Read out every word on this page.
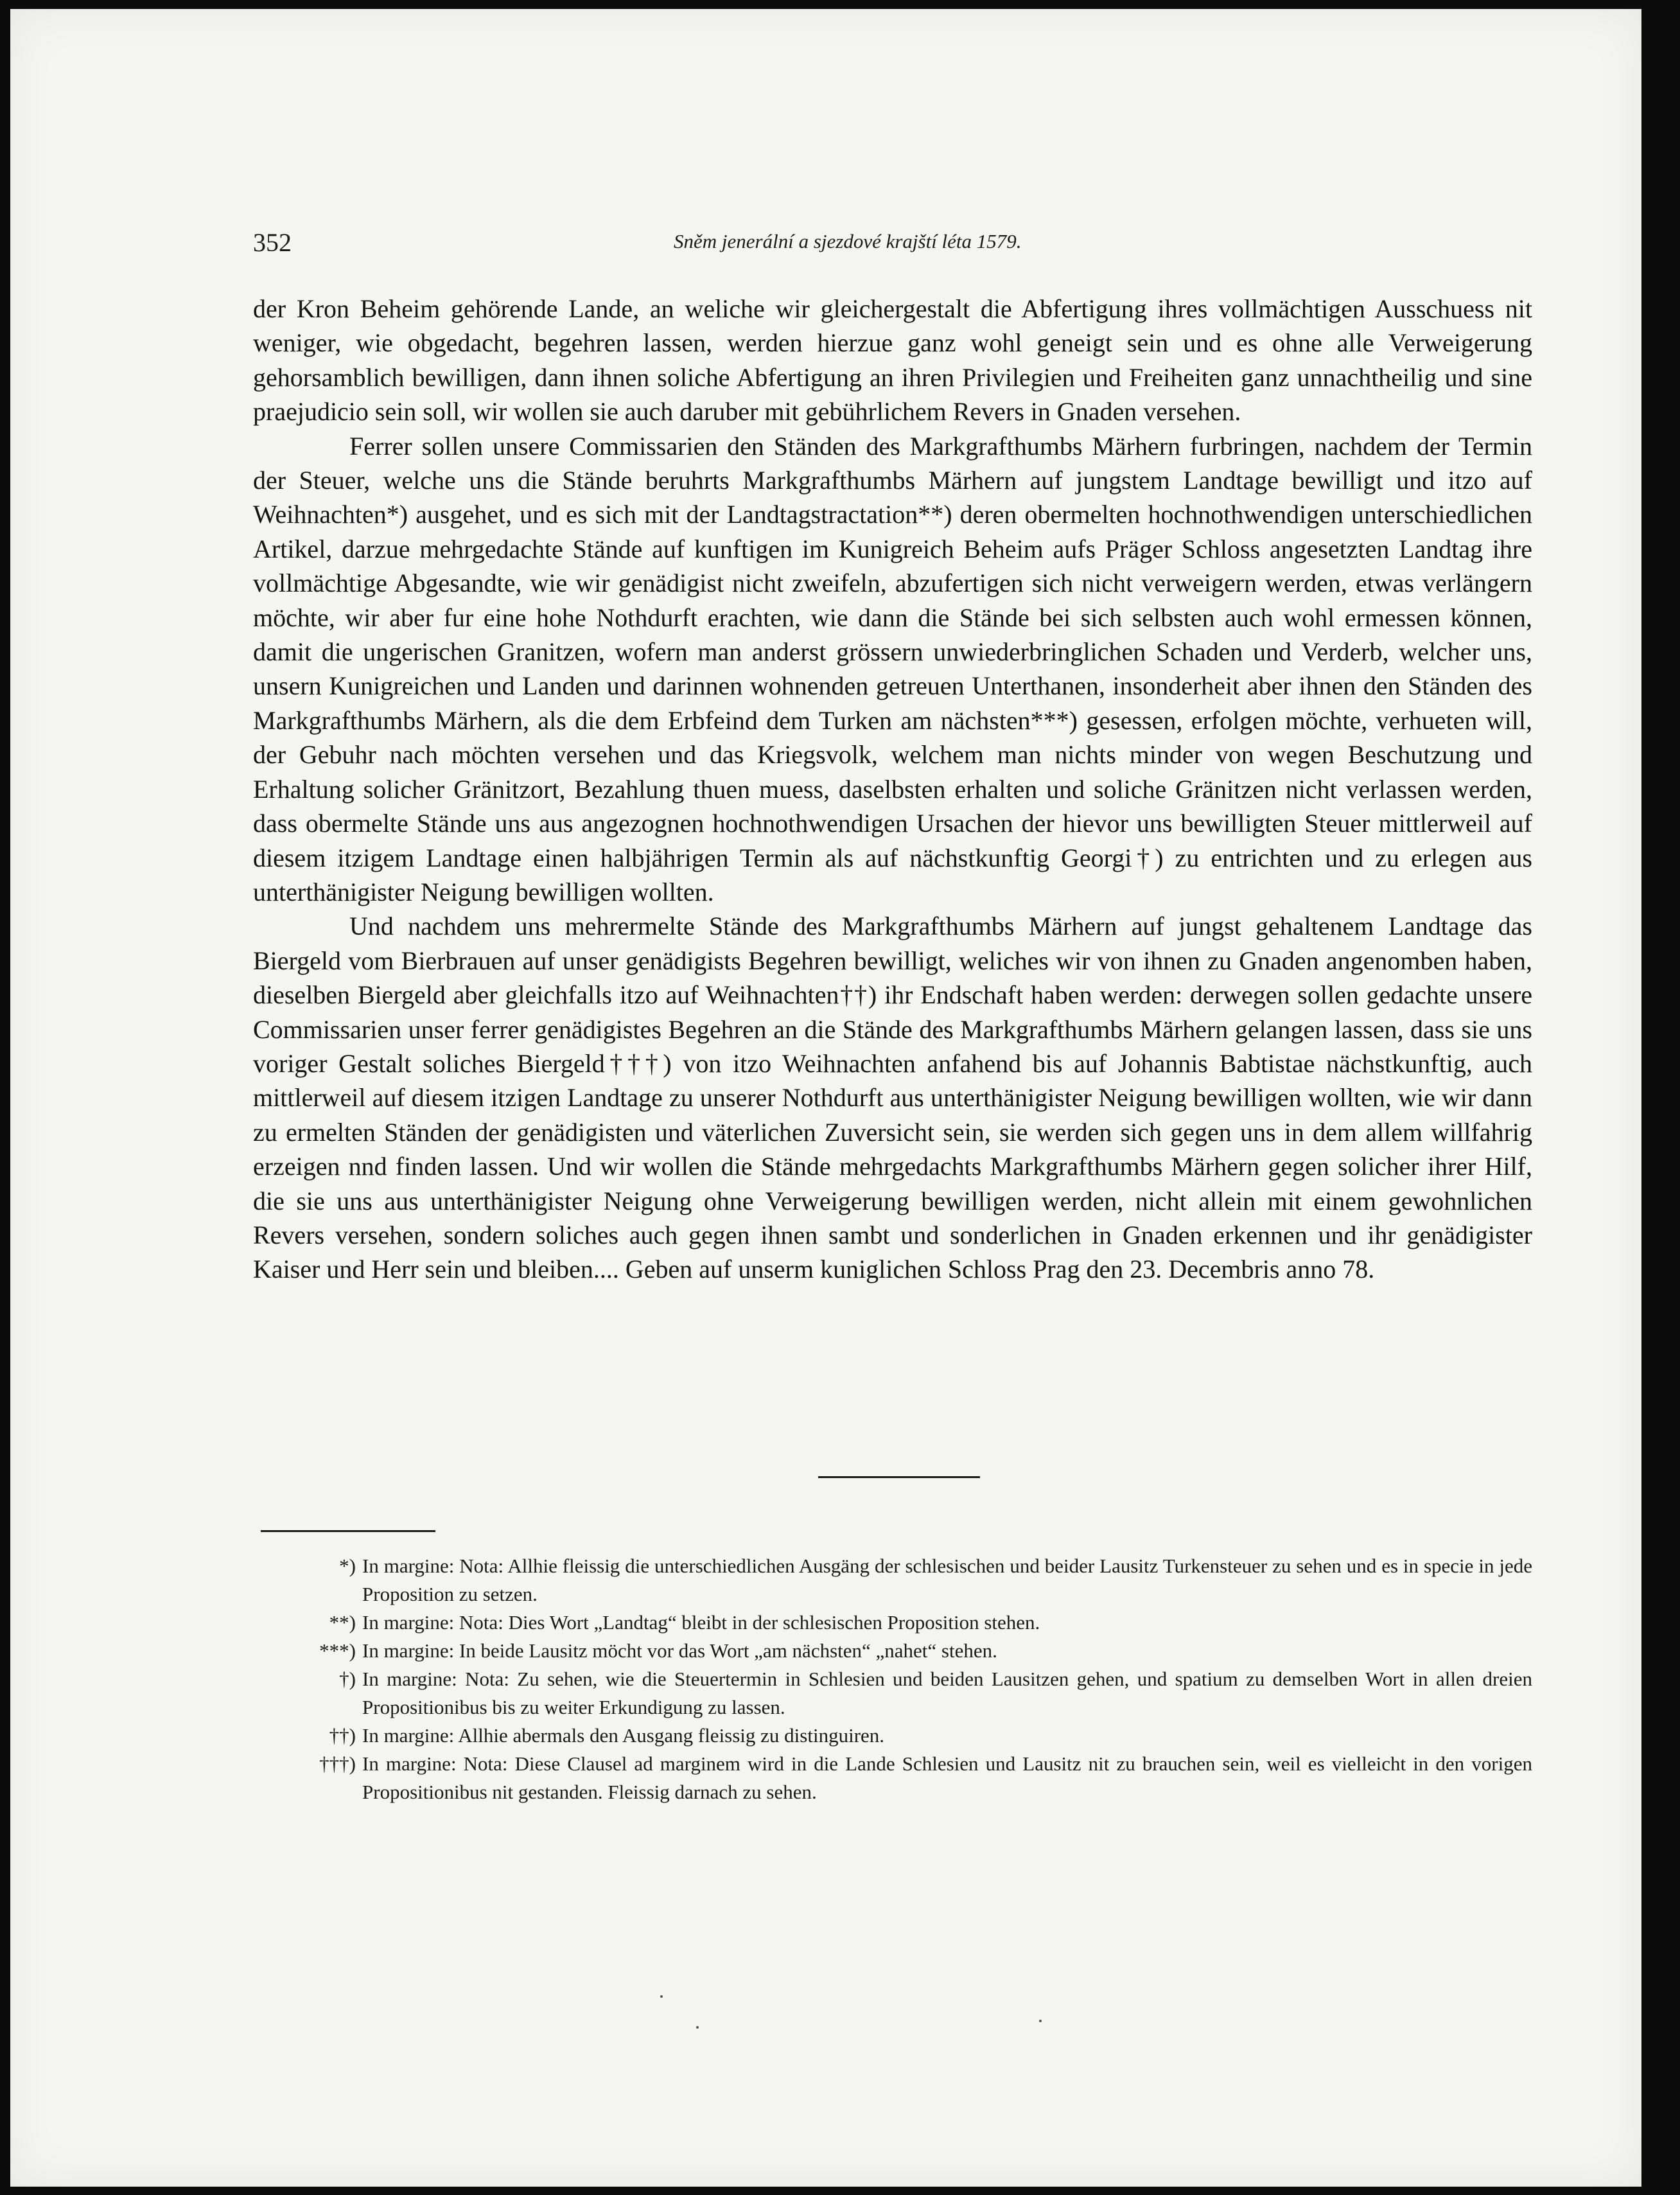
352	Sněm jenerální a sjezdové krajští léta 1579.

der Kron Beheim gehörende Lande, an weliche wir gleichergestalt die Abfertigung ihres vollmächtigen Ausschuess nit weniger, wie obgedacht, begehren lassen, werden hierzue ganz wohl geneigt sein und es ohne alle Verweigerung gehorsamblich bewilligen, dann ihnen soliche Abfertigung an ihren Privilegien und Freiheiten ganz unnachtheilig und sine praejudicio sein soll, wir wollen sie auch daruber mit gebührlichem Revers in Gnaden versehen.

Ferrer sollen unsere Commissarien den Ständen des Markgrafthumbs Märhern furbringen, nachdem der Termin der Steuer, welche uns die Stände beruhrts Markgrafthumbs Märhern auf jungstem Landtage bewilligt und itzo auf Weihnachten*) ausgehet, und es sich mit der Landtagstractation**) deren obermelten hochnothwendigen unterschiedlichen Artikel, darzue mehrgedachte Stände auf kunftigen im Kunigreich Beheim aufs Präger Schloss angesetzten Landtag ihre vollmächtige Abgesandte, wie wir genädigist nicht zweifeln, abzufertigen sich nicht verweigern werden, etwas verlängern möchte, wir aber fur eine hohe Nothdurft erachten, wie dann die Stände bei sich selbsten auch wohl ermessen können, damit die ungerischen Granitzen, wofern man anderst grössern unwiederbringlichen Schaden und Verderb, welcher uns, unsern Kunigreichen und Landen und darinnen wohnenden getreuen Unterthanen, insonderheit aber ihnen den Ständen des Markgrafthumbs Märhern, als die dem Erbfeind dem Turken am nächsten***) gesessen, erfolgen möchte, verhueten will, der Gebuhr nach möchten versehen und das Kriegsvolk, welchem man nichts minder von wegen Beschutzung und Erhaltung solicher Gränitzort, Bezahlung thuen muess, daselbsten erhalten und soliche Gränitzen nicht verlassen werden, dass obermelte Stände uns aus angezognen hochnothwendigen Ursachen der hievor uns bewilligten Steuer mittlerweil auf diesem itzigem Landtage einen halbjährigen Termin als auf nächstkunftig Georgi†) zu entrichten und zu erlegen aus unterthänigister Neigung bewilligen wollten.

Und nachdem uns mehrermelte Stände des Markgrafthumbs Märhern auf jungst gehaltenem Landtage das Biergeld vom Bierbrauen auf unser genädigists Begehren bewilligt, weliches wir von ihnen zu Gnaden angenomben haben, dieselben Biergeld aber gleichfalls itzo auf Weihnachten††) ihr Endschaft haben werden: derwegen sollen gedachte unsere Commissarien unser ferrer genädigistes Begehren an die Stände des Markgrafthumbs Märhern gelangen lassen, dass sie uns voriger Gestalt soliches Biergeld†††) von itzo Weihnachten anfahend bis auf Johannis Babtistae nächstkunftig, auch mittlerweil auf diesem itzigen Landtage zu unserer Nothdurft aus unterthänigister Neigung bewilligen wollten, wie wir dann zu ermelten Ständen der genädigisten und väterlichen Zuversicht sein, sie werden sich gegen uns in dem allem willfahrig erzeigen nnd finden lassen. Und wir wollen die Stände mehrgedachts Markgrafthumbs Märhern gegen solicher ihrer Hilf, die sie uns aus unterthänigister Neigung ohne Verweigerung bewilligen werden, nicht allein mit einem gewohnlichen Revers versehen, sondern soliches auch gegen ihnen sambt und sonderlichen in Gnaden erkennen und ihr genädigister Kaiser und Herr sein und bleiben.... Geben auf unserm kuniglichen Schloss Prag den 23. Decembris anno 78.

*) In margine: Nota: Allhie fleissig die unterschiedlichen Ausgäng der schlesischen und beider Lausitz Turkensteuer zu sehen und es in specie in jede Proposition zu setzen.
**) In margine: Nota: Dies Wort „Landtag“ bleibt in der schlesischen Proposition stehen.
***) In margine: In beide Lausitz möcht vor das Wort „am nächsten“ „nahet“ stehen.
†) In margine: Nota: Zu sehen, wie die Steuertermin in Schlesien und beiden Lausitzen gehen, und spatium zu demselben Wort in allen dreien Propositionibus bis zu weiter Erkundigung zu lassen.
††) In margine: Allhie abermals den Ausgang fleissig zu distinguiren.
†††) In margine: Nota: Diese Clausel ad marginem wird in die Lande Schlesien und Lausitz nit zu brauchen sein, weil es vielleicht in den vorigen Propositionibus nit gestanden. Fleissig darnach zu sehen.
